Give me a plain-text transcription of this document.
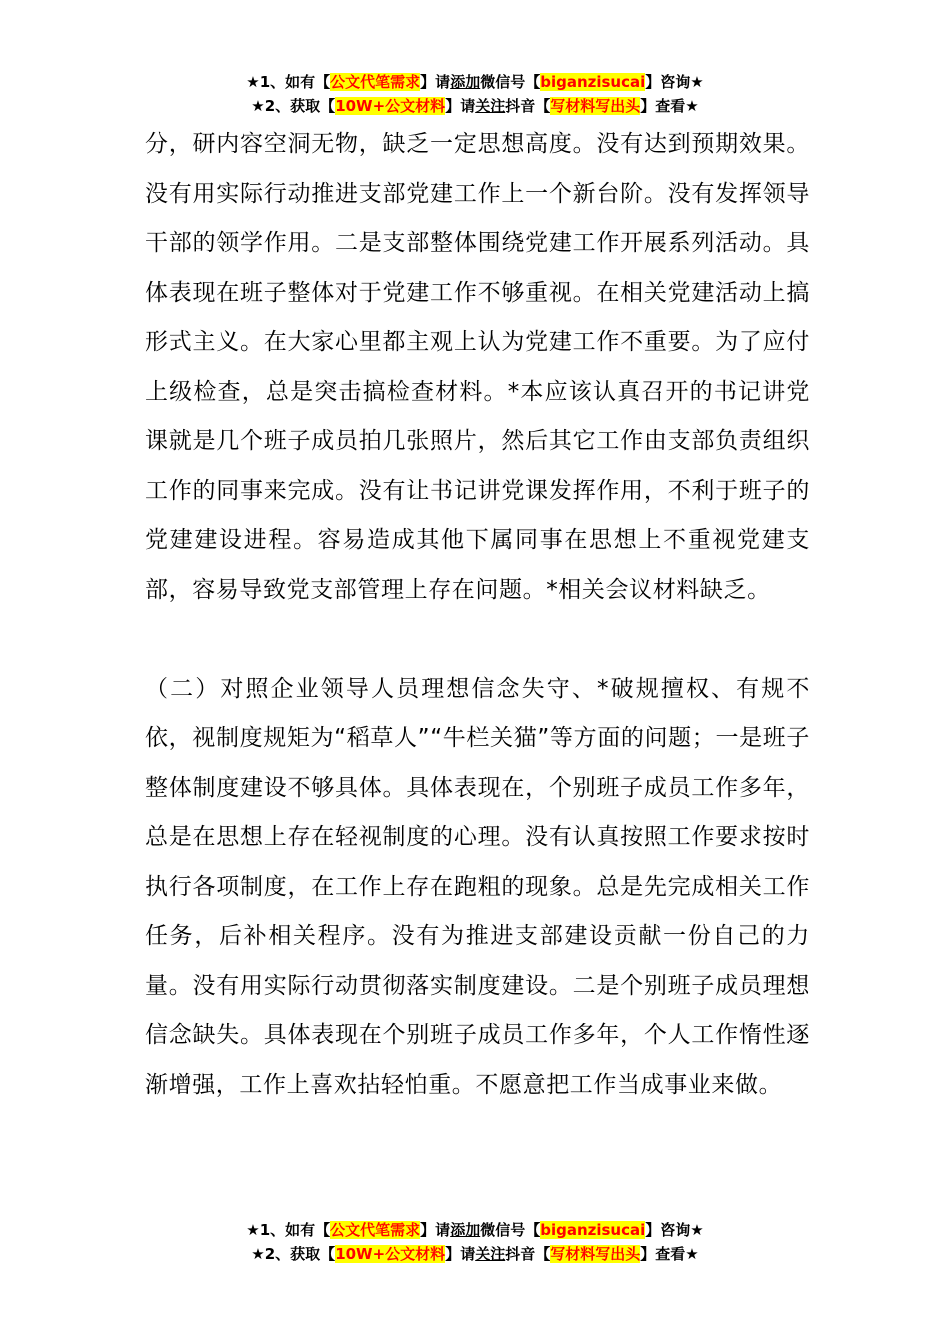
★1、如有【公文代笔需求】请添加微信号【biganzisucai】咨询★
★2、获取【10W+公文材料】请关注抖音【写材料写出头】查看★

分，研内容空洞无物，缺乏一定思想高度。没有达到预期效果。没有用实际行动推进支部党建工作上一个新台阶。没有发挥领导干部的领学作用。二是支部整体围绕党建工作开展系列活动。具体表现在班子整体对于党建工作不够重视。在相关党建活动上搞形式主义。在大家心里都主观上认为党建工作不重要。为了应付上级检查，总是突击搞检查材料。*本应该认真召开的书记讲党课就是几个班子成员拍几张照片，然后其它工作由支部负责组织工作的同事来完成。没有让书记讲党课发挥作用，不利于班子的党建建设进程。容易造成其他下属同事在思想上不重视党建支部，容易导致党支部管理上存在问题。*相关会议材料缺乏。

（二）对照企业领导人员理想信念失守、*破规擅权、有规不依，视制度规矩为“稻草人”“牛栏关猫”等方面的问题；一是班子整体制度建设不够具体。具体表现在，个别班子成员工作多年，总是在思想上存在轻视制度的心理。没有认真按照工作要求按时执行各项制度，在工作上存在跑粗的现象。总是先完成相关工作任务，后补相关程序。没有为推进支部建设贡献一份自己的力量。没有用实际行动贯彻落实制度建设。二是个别班子成员理想信念缺失。具体表现在个别班子成员工作多年，个人工作惰性逐渐增强，工作上喜欢拈轻怕重。不愿意把工作当成事业来做。

★1、如有【公文代笔需求】请添加微信号【biganzisucai】咨询★
★2、获取【10W+公文材料】请关注抖音【写材料写出头】查看★
